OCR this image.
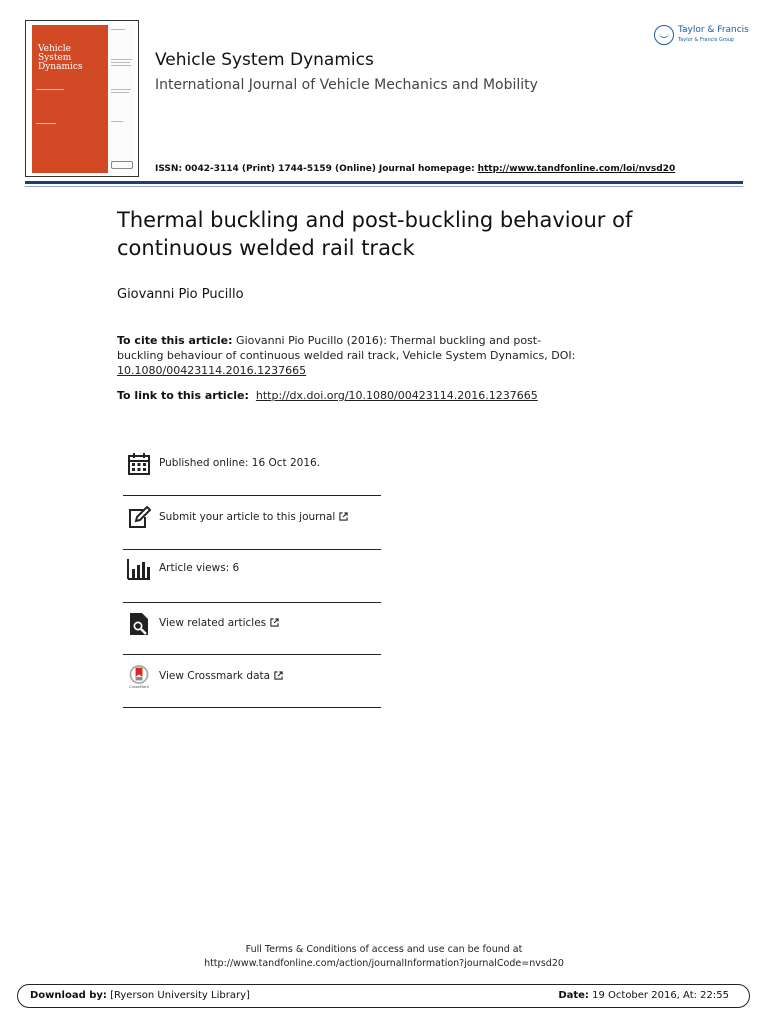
Vehicle
System
Dynamics	Vehicle System Dynamics
International Journal of Vehicle Mechanics and Mobility
Taylor & Francis
Taylor & Francis Group
ISSN: 0042-3114 (Print) 1744-5159 (Online) Journal homepage: http://www.tandfonline.com/loi/nvsd20
Thermal buckling and post-buckling behaviour of continuous welded rail track
Giovanni Pio Pucillo
To cite this article: Giovanni Pio Pucillo (2016): Thermal buckling and post-buckling behaviour of continuous welded rail track, Vehicle System Dynamics, DOI: 10.1080/00423114.2016.1237665
To link to this article: http://dx.doi.org/10.1080/00423114.2016.1237665
Published online: 16 Oct 2016.
Submit your article to this journal
Article views: 6
View related articles
CrossMark
View Crossmark data
Full Terms & Conditions of access and use can be found at
http://www.tandfonline.com/action/journalInformation?journalCode=nvsd20
Download by: [Ryerson University Library]	Date: 19 October 2016, At: 22:55
